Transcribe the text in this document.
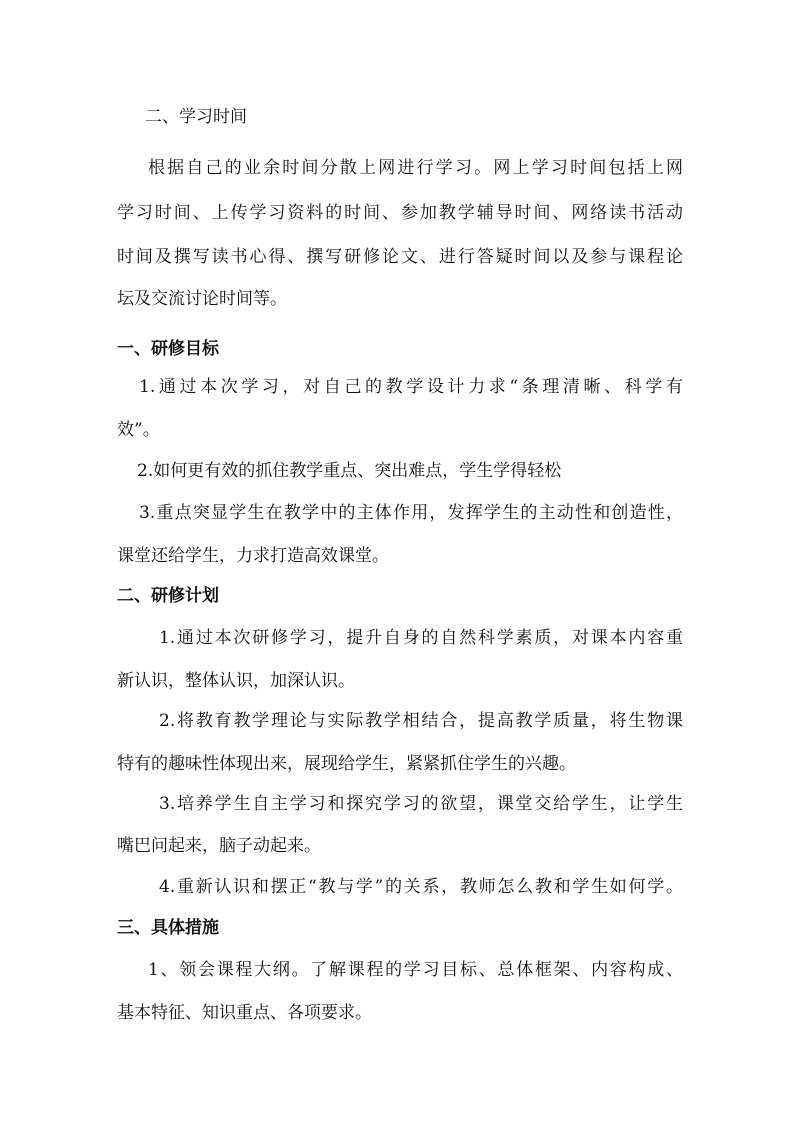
二、学习时间
根据自己的业余时间分散上网进行学习。网上学习时间包括上网
学习时间、上传学习资料的时间、参加教学辅导时间、网络读书活动
时间及撰写读书心得、撰写研修论文、进行答疑时间以及参与课程论
坛及交流讨论时间等。
一、研修目标
1.通过本次学习，对自己的教学设计力求“条理清晰、科学有
效”。
2.如何更有效的抓住教学重点、突出难点，学生学得轻松
3.重点突显学生在教学中的主体作用，发挥学生的主动性和创造性，
课堂还给学生，力求打造高效课堂。
二、研修计划
1.通过本次研修学习，提升自身的自然科学素质，对课本内容重
新认识，整体认识，加深认识。
2.将教育教学理论与实际教学相结合，提高教学质量，将生物课
特有的趣味性体现出来，展现给学生，紧紧抓住学生的兴趣。
3.培养学生自主学习和探究学习的欲望，课堂交给学生，让学生
嘴巴问起来，脑子动起来。
4.重新认识和摆正“教与学”的关系，教师怎么教和学生如何学。
三、具体措施
1、领会课程大纲。了解课程的学习目标、总体框架、内容构成、
基本特征、知识重点、各项要求。
